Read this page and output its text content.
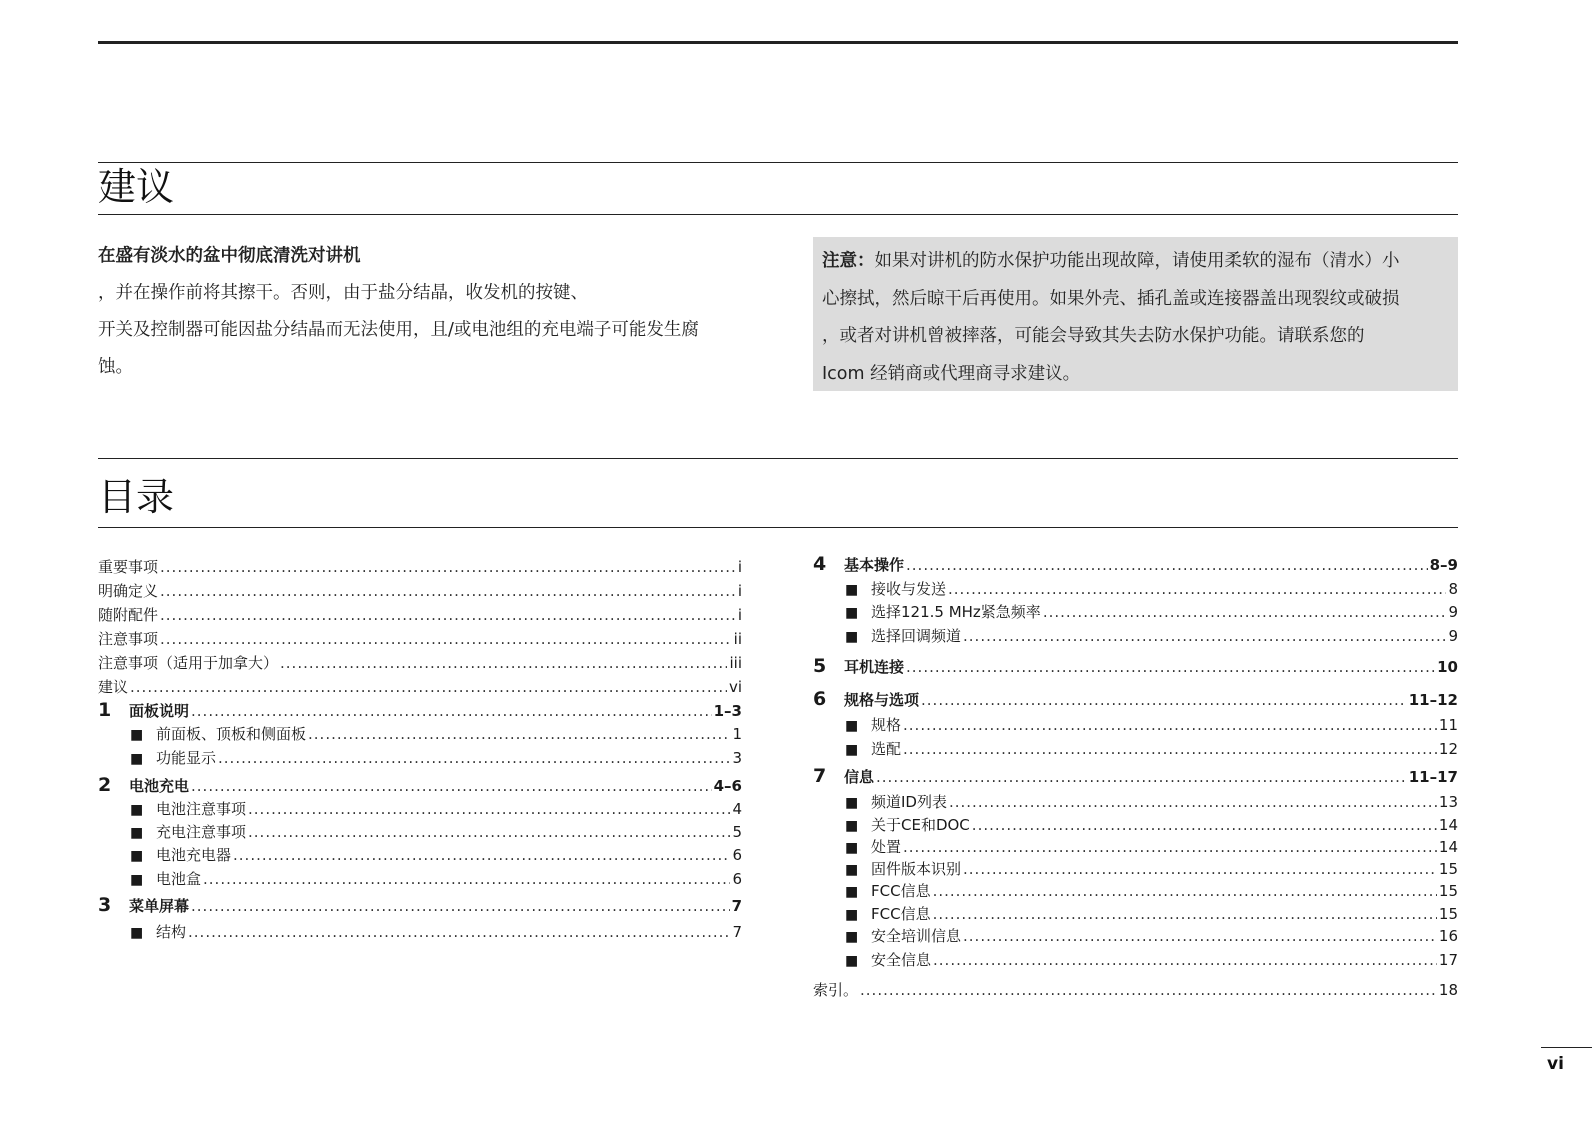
建议
在盛有淡水的盆中彻底清洗对讲机
，并在操作前将其擦干。否则，由于盐分结晶，收发机的按键、
开关及控制器可能因盐分结晶而无法使用，且/或电池组的充电端子可能发生腐
蚀。
注意：如果对讲机的防水保护功能出现故障，请使用柔软的湿布（清水）小
心擦拭，然后晾干后再使用。如果外壳、插孔盖或连接器盖出现裂纹或破损
，或者对讲机曾被摔落，可能会导致其失去防水保护功能。请联系您的
Icom 经销商或代理商寻求建议。
目录
重要事项 .....	i
明确定义 .....	i
随附配件 .....	i
注意事项 .....	ii
注意事项（适用于加拿大） .....	iii
建议 .....	vi
1	面板说明 .....	1–3
■ 前面板、顶板和侧面板 .....	1
■ 功能显示 .....	3
2	电池充电 .....	4–6
■ 电池注意事项 .....	4
■ 充电注意事项 .....	5
■ 电池充电器 .....	6
■ 电池盒 .....	6
3	菜单屏幕 .....	7
■ 结构 .....	7
4	基本操作 .....	8–9
■ 接收与发送 .....	8
■ 选择121.5 MHz紧急频率 .....	9
■ 选择回调频道 .....	9
5	耳机连接 .....	10
6	规格与选项 .....	11–12
■ 规格 .....	11
■ 选配 .....	12
7	信息 .....	11–17
■ 频道ID列表 .....	13
■ 关于CE和DOC .....	14
■ 处置 .....	14
■ 固件版本识别 .....	15
■ FCC信息 .....	15
■ FCC信息 .....	15
■ 安全培训信息 .....	16
■ 安全信息 .....	17
索引。 .....	18
vi
